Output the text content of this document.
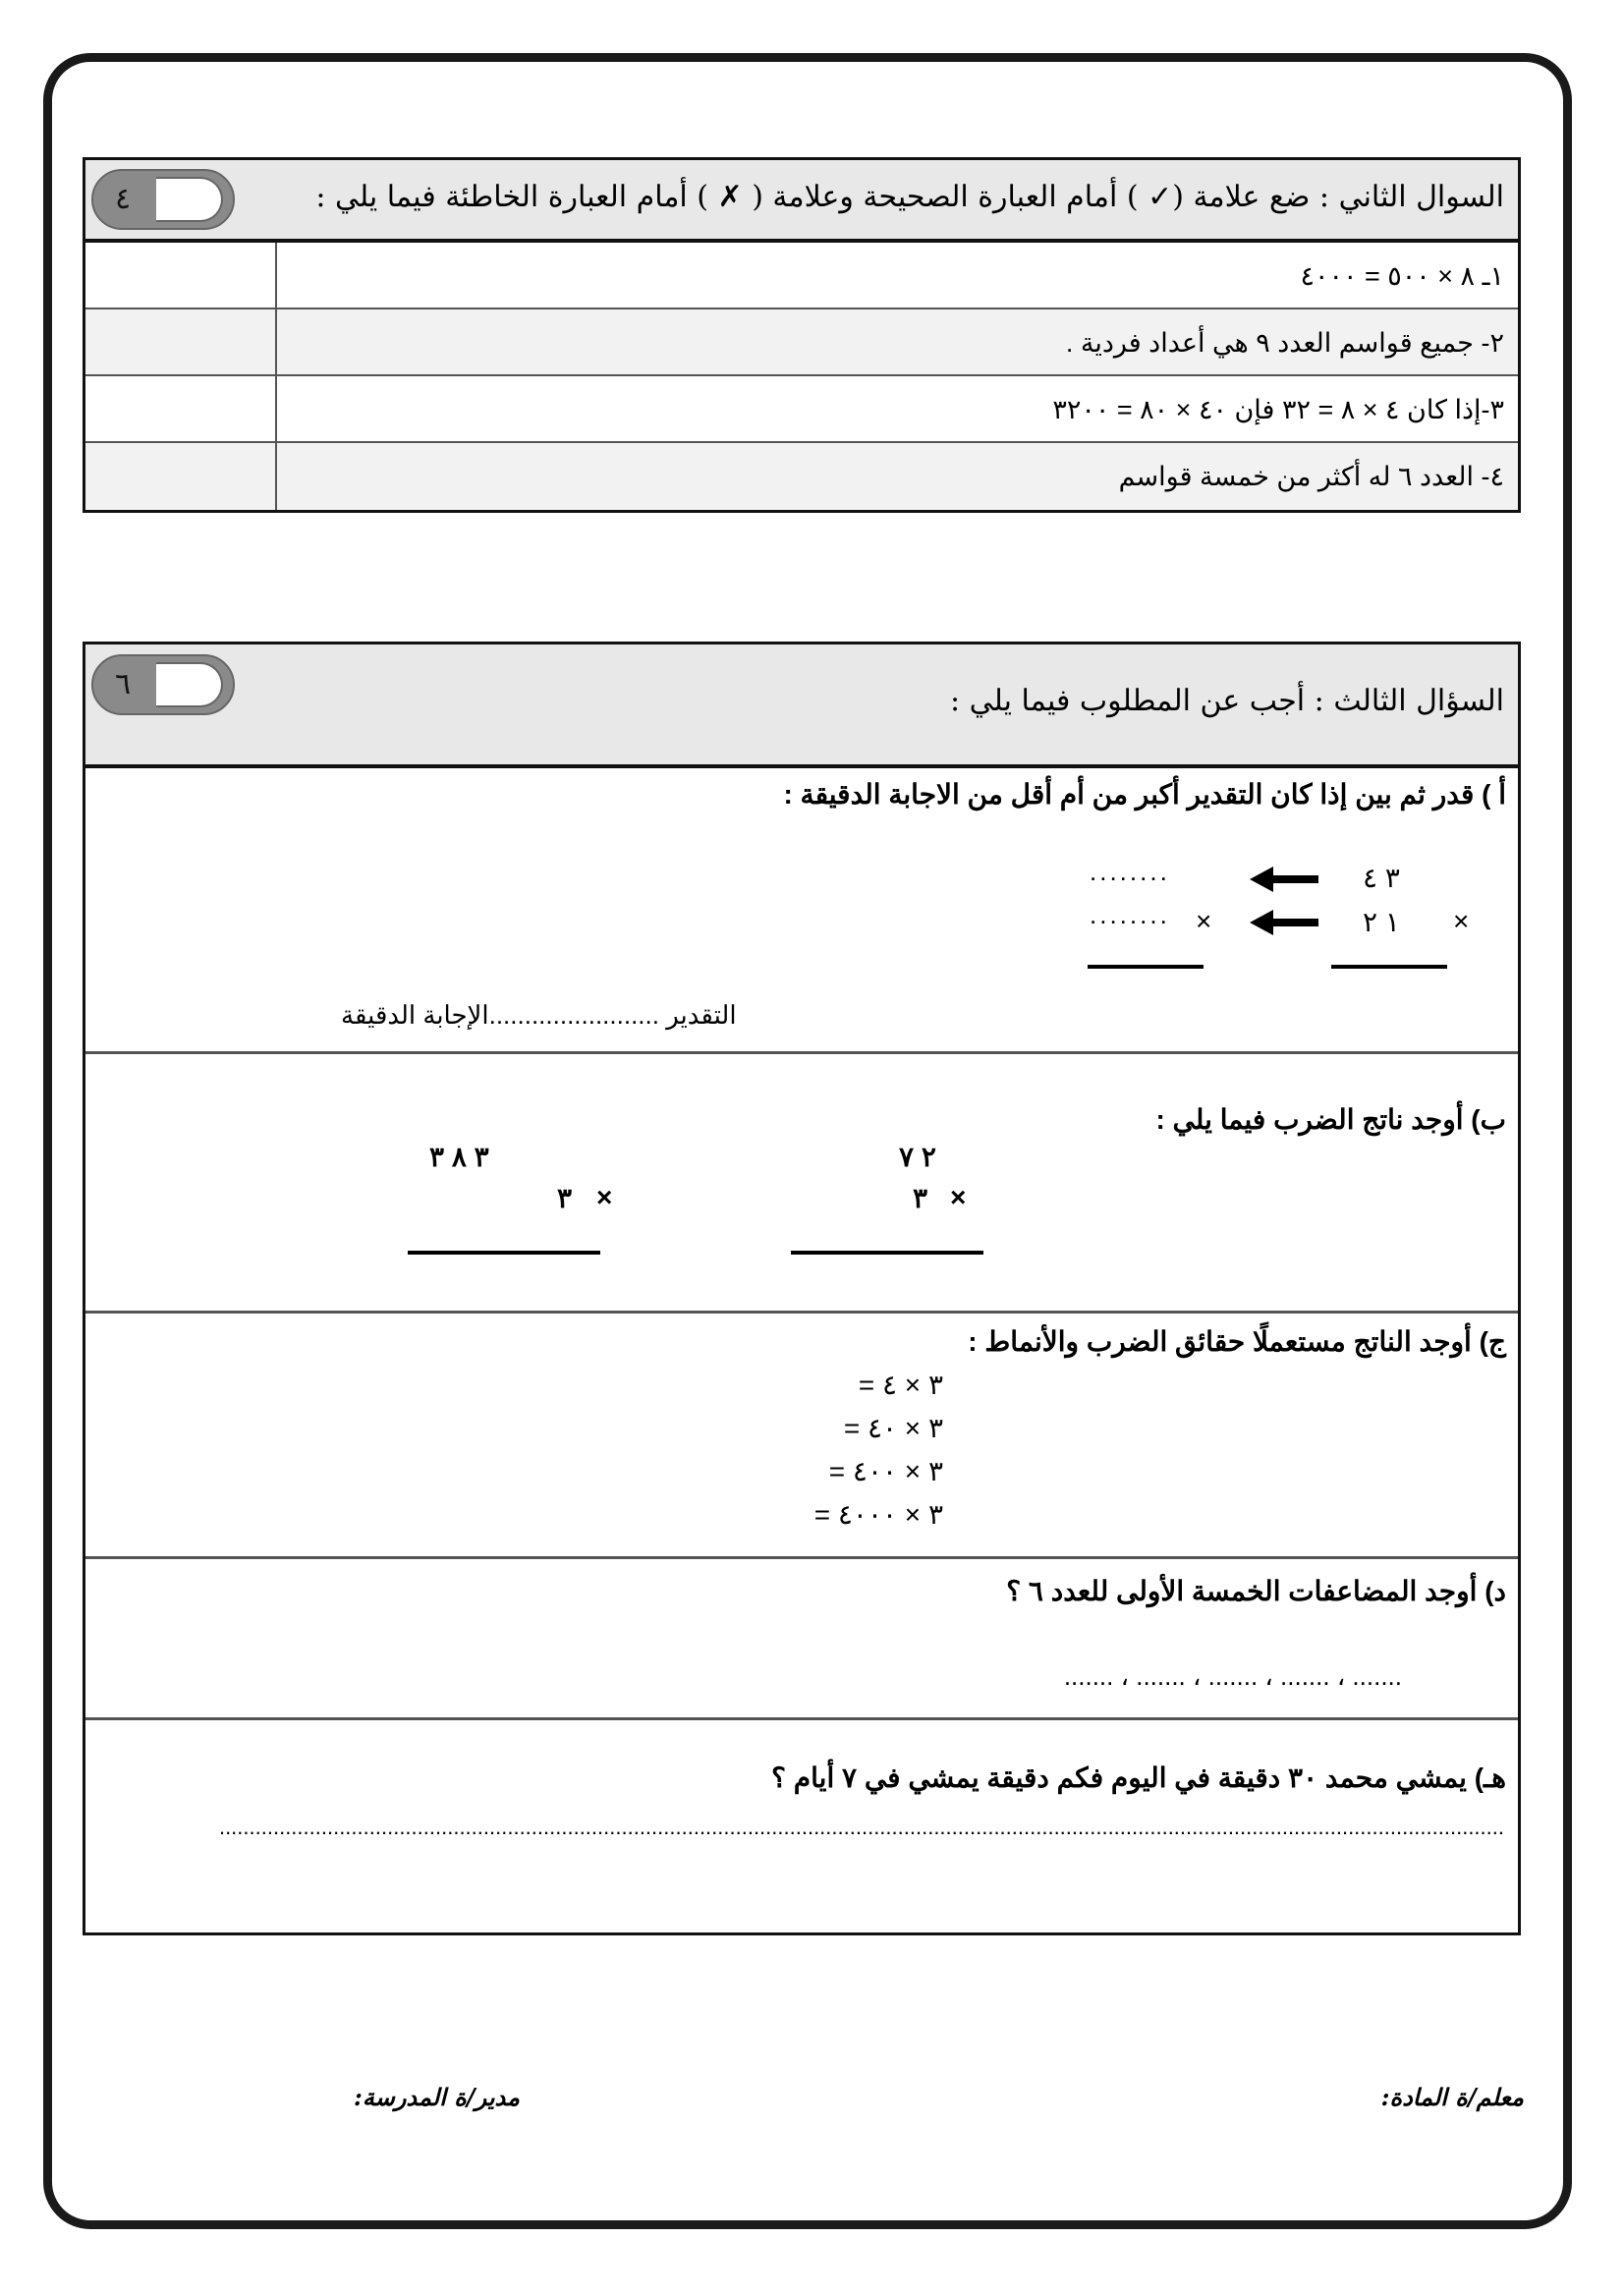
٤	السوال الثاني : ضع علامة (✓ ) أمام العبارة الصحيحة وعلامة ( ✗ ) أمام العبارة الخاطئة فيما يلي :
١ـ ٨ × ٥٠٠ = ٤٠٠٠
٢- جميع قواسم العدد ٩ هي أعداد فردية .
٣-إذا كان ٤ × ٨ = ٣٢ فإن ٤٠ × ٨٠ = ٣٢٠٠
٤- العدد ٦ له أكثر من خمسة قواسم
٦	السؤال الثالث : أجب عن المطلوب فيما يلي :
أ ) قدر ثم بين إذا كان التقدير أكبر من أم أقل من الاجابة الدقيقة :
٣ ٤
×
١ ٢
........
........ ×
التقدير ........................الإجابة الدقيقة
ب) أوجد ناتج الضرب فيما يلي :
٢ ٧
×
٣
٣ ٨ ٣
×
٣
ج) أوجد الناتج مستعملًا حقائق الضرب والأنماط :
٣ × ٤ =
٣ × ٤٠ =
٣ × ٤٠٠ =
٣ × ٤٠٠٠ =
د) أوجد المضاعفات الخمسة الأولى للعدد ٦ ؟
....... ، ....... ، ....... ، ....... ، .......
هـ) يمشي محمد ٣٠ دقيقة في اليوم فكم دقيقة يمشي في ٧ أيام ؟
......................................................................................................................................................................................................................
معلم/ة المادة:
مدير/ة المدرسة:
